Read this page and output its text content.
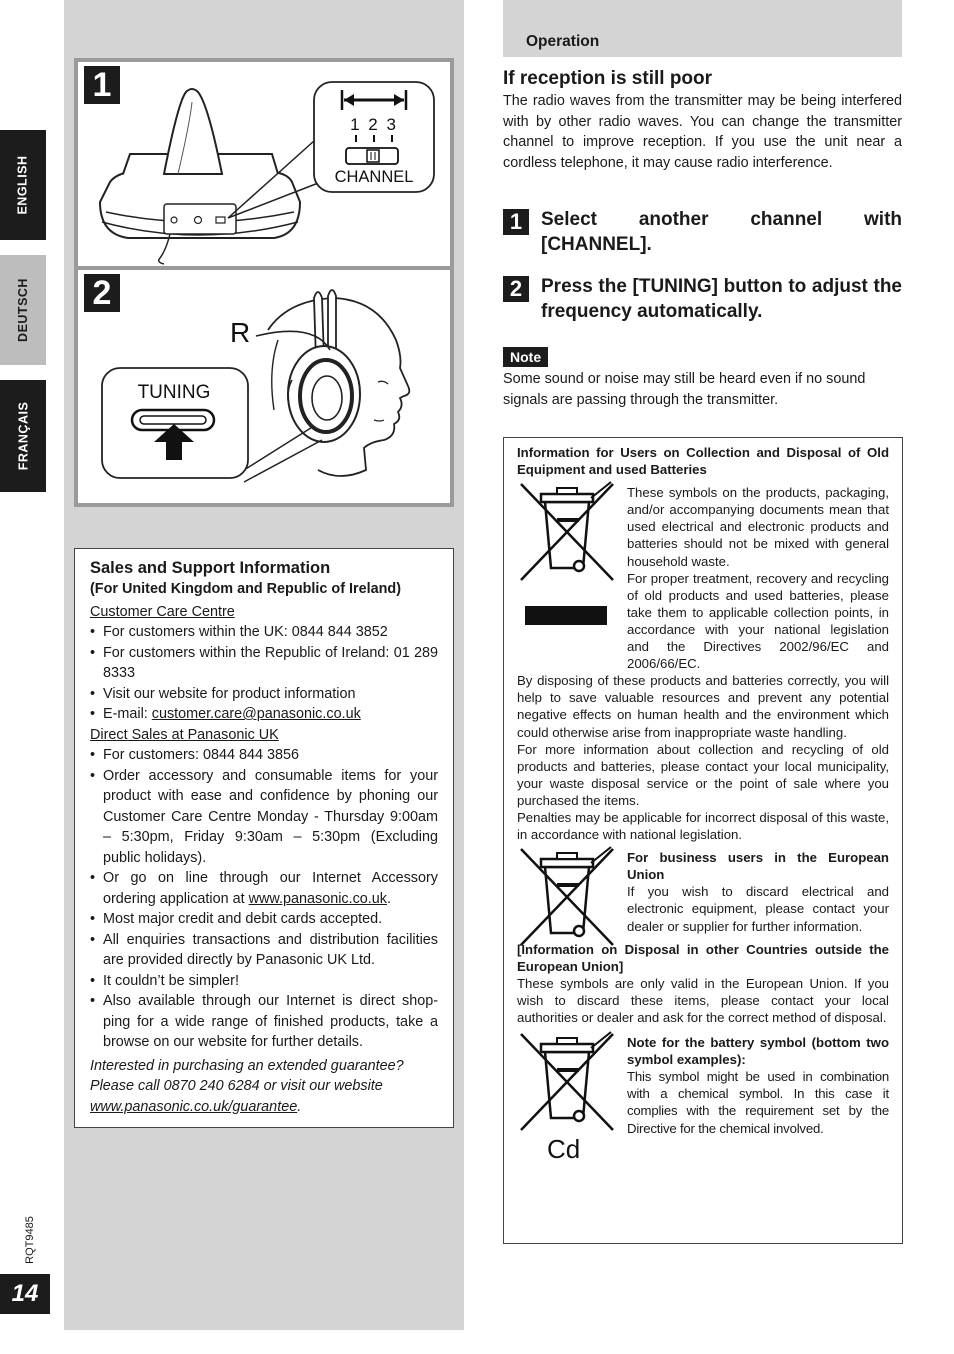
ENGLISH
DEUTSCH
FRANÇAIS
RQT9485
14
1
1 2 3
CHANNEL
2
R
TUNING
Sales and Support Information
(For United Kingdom and Republic of Ireland)
Customer Care Centre
• For customers within the UK: 0844 844 3852
• For customers within the Republic of Ireland: 01 289 8333
• Visit our website for product information
• E-mail: customer.care@panasonic.co.uk
Direct Sales at Panasonic UK
• For customers: 0844 844 3856
• Order accessory and consumable items for your product with ease and confidence by phoning our Customer Care Centre Monday - Thursday 9:00am – 5:30pm, Friday 9:30am – 5:30pm (Excluding public holidays).
• Or go on line through our Internet Accessory ordering application at www.panasonic.co.uk.
• Most major credit and debit cards accepted.
• All enquiries transactions and distribution facilities are provided directly by Panasonic UK Ltd.
• It couldn’t be simpler!
• Also available through our Internet is direct shop-ping for a wide range of finished products, take a browse on our website for further details.
Interested in purchasing an extended guarantee? Please call 0870 240 6284 or visit our website www.panasonic.co.uk/guarantee.
Operation
If reception is still poor
The radio waves from the transmitter may be being interfered with by other radio waves. You can change the transmitter channel to improve reception. If you use the unit near a cordless telephone, it may cause radio interference.
1 Select another channel with [CHANNEL].
2 Press the [TUNING] button to adjust the frequency automatically.
Note
Some sound or noise may still be heard even if no sound signals are passing through the transmitter.
Information for Users on Collection and Disposal of Old Equipment and used Batteries
These symbols on the products, packaging, and/or accompanying documents mean that used electrical and electronic products and batteries should not be mixed with general household waste.
For proper treatment, recovery and recycling of old products and used batteries, please take them to applicable collection points, in accordance with your national legislation and the Directives 2002/96/EC and 2006/66/EC.
By disposing of these products and batteries correctly, you will help to save valuable resources and prevent any potential negative effects on human health and the environment which could otherwise arise from inappropriate waste handling.
For more information about collection and recycling of old products and batteries, please contact your local municipality, your waste disposal service or the point of sale where you purchased the items.
Penalties may be applicable for incorrect disposal of this waste, in accordance with national legislation.
For business users in the European Union
If you wish to discard electrical and electronic equipment, please contact your dealer or supplier for further information.
[Information on Disposal in other Countries outside the European Union]
These symbols are only valid in the European Union. If you wish to discard these items, please contact your local authorities or dealer and ask for the correct method of disposal.
Cd
Note for the battery symbol (bottom two symbol examples):
This symbol might be used in combination with a chemical symbol. In this case it complies with the requirement set by the Directive for the chemical involved.
